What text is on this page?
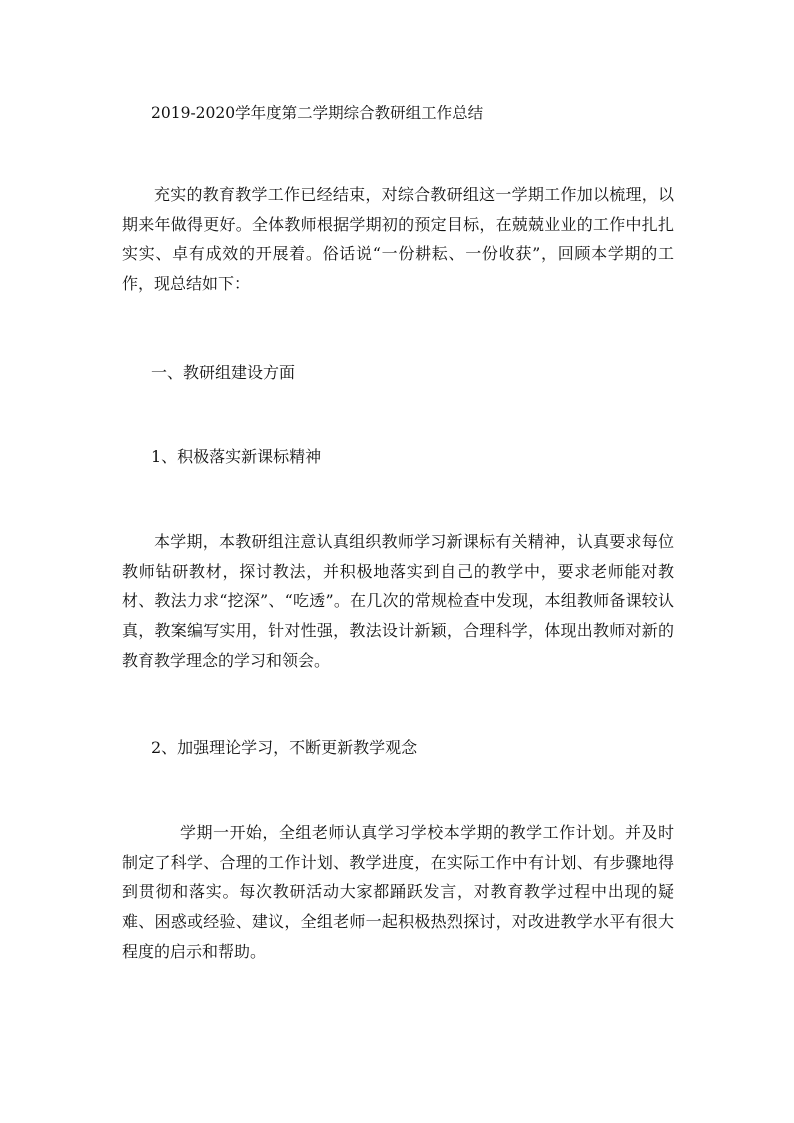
2019-2020学年度第二学期综合教研组工作总结

充实的教育教学工作已经结束，对综合教研组这一学期工作加以梳理，以期来年做得更好。全体教师根据学期初的预定目标，在兢兢业业的工作中扎扎实实、卓有成效的开展着。俗话说“一份耕耘、一份收获”，回顾本学期的工作，现总结如下：

一、教研组建设方面

1、积极落实新课标精神

本学期，本教研组注意认真组织教师学习新课标有关精神，认真要求每位教师钻研教材，探讨教法，并积极地落实到自己的教学中，要求老师能对教材、教法力求“挖深”、“吃透”。在几次的常规检查中发现，本组教师备课较认真，教案编写实用，针对性强，教法设计新颖，合理科学，体现出教师对新的教育教学理念的学习和领会。

2、加强理论学习，不断更新教学观念

学期一开始，全组老师认真学习学校本学期的教学工作计划。并及时制定了科学、合理的工作计划、教学进度，在实际工作中有计划、有步骤地得到贯彻和落实。每次教研活动大家都踊跃发言，对教育教学过程中出现的疑难、困惑或经验、建议，全组老师一起积极热烈探讨，对改进教学水平有很大程度的启示和帮助。
